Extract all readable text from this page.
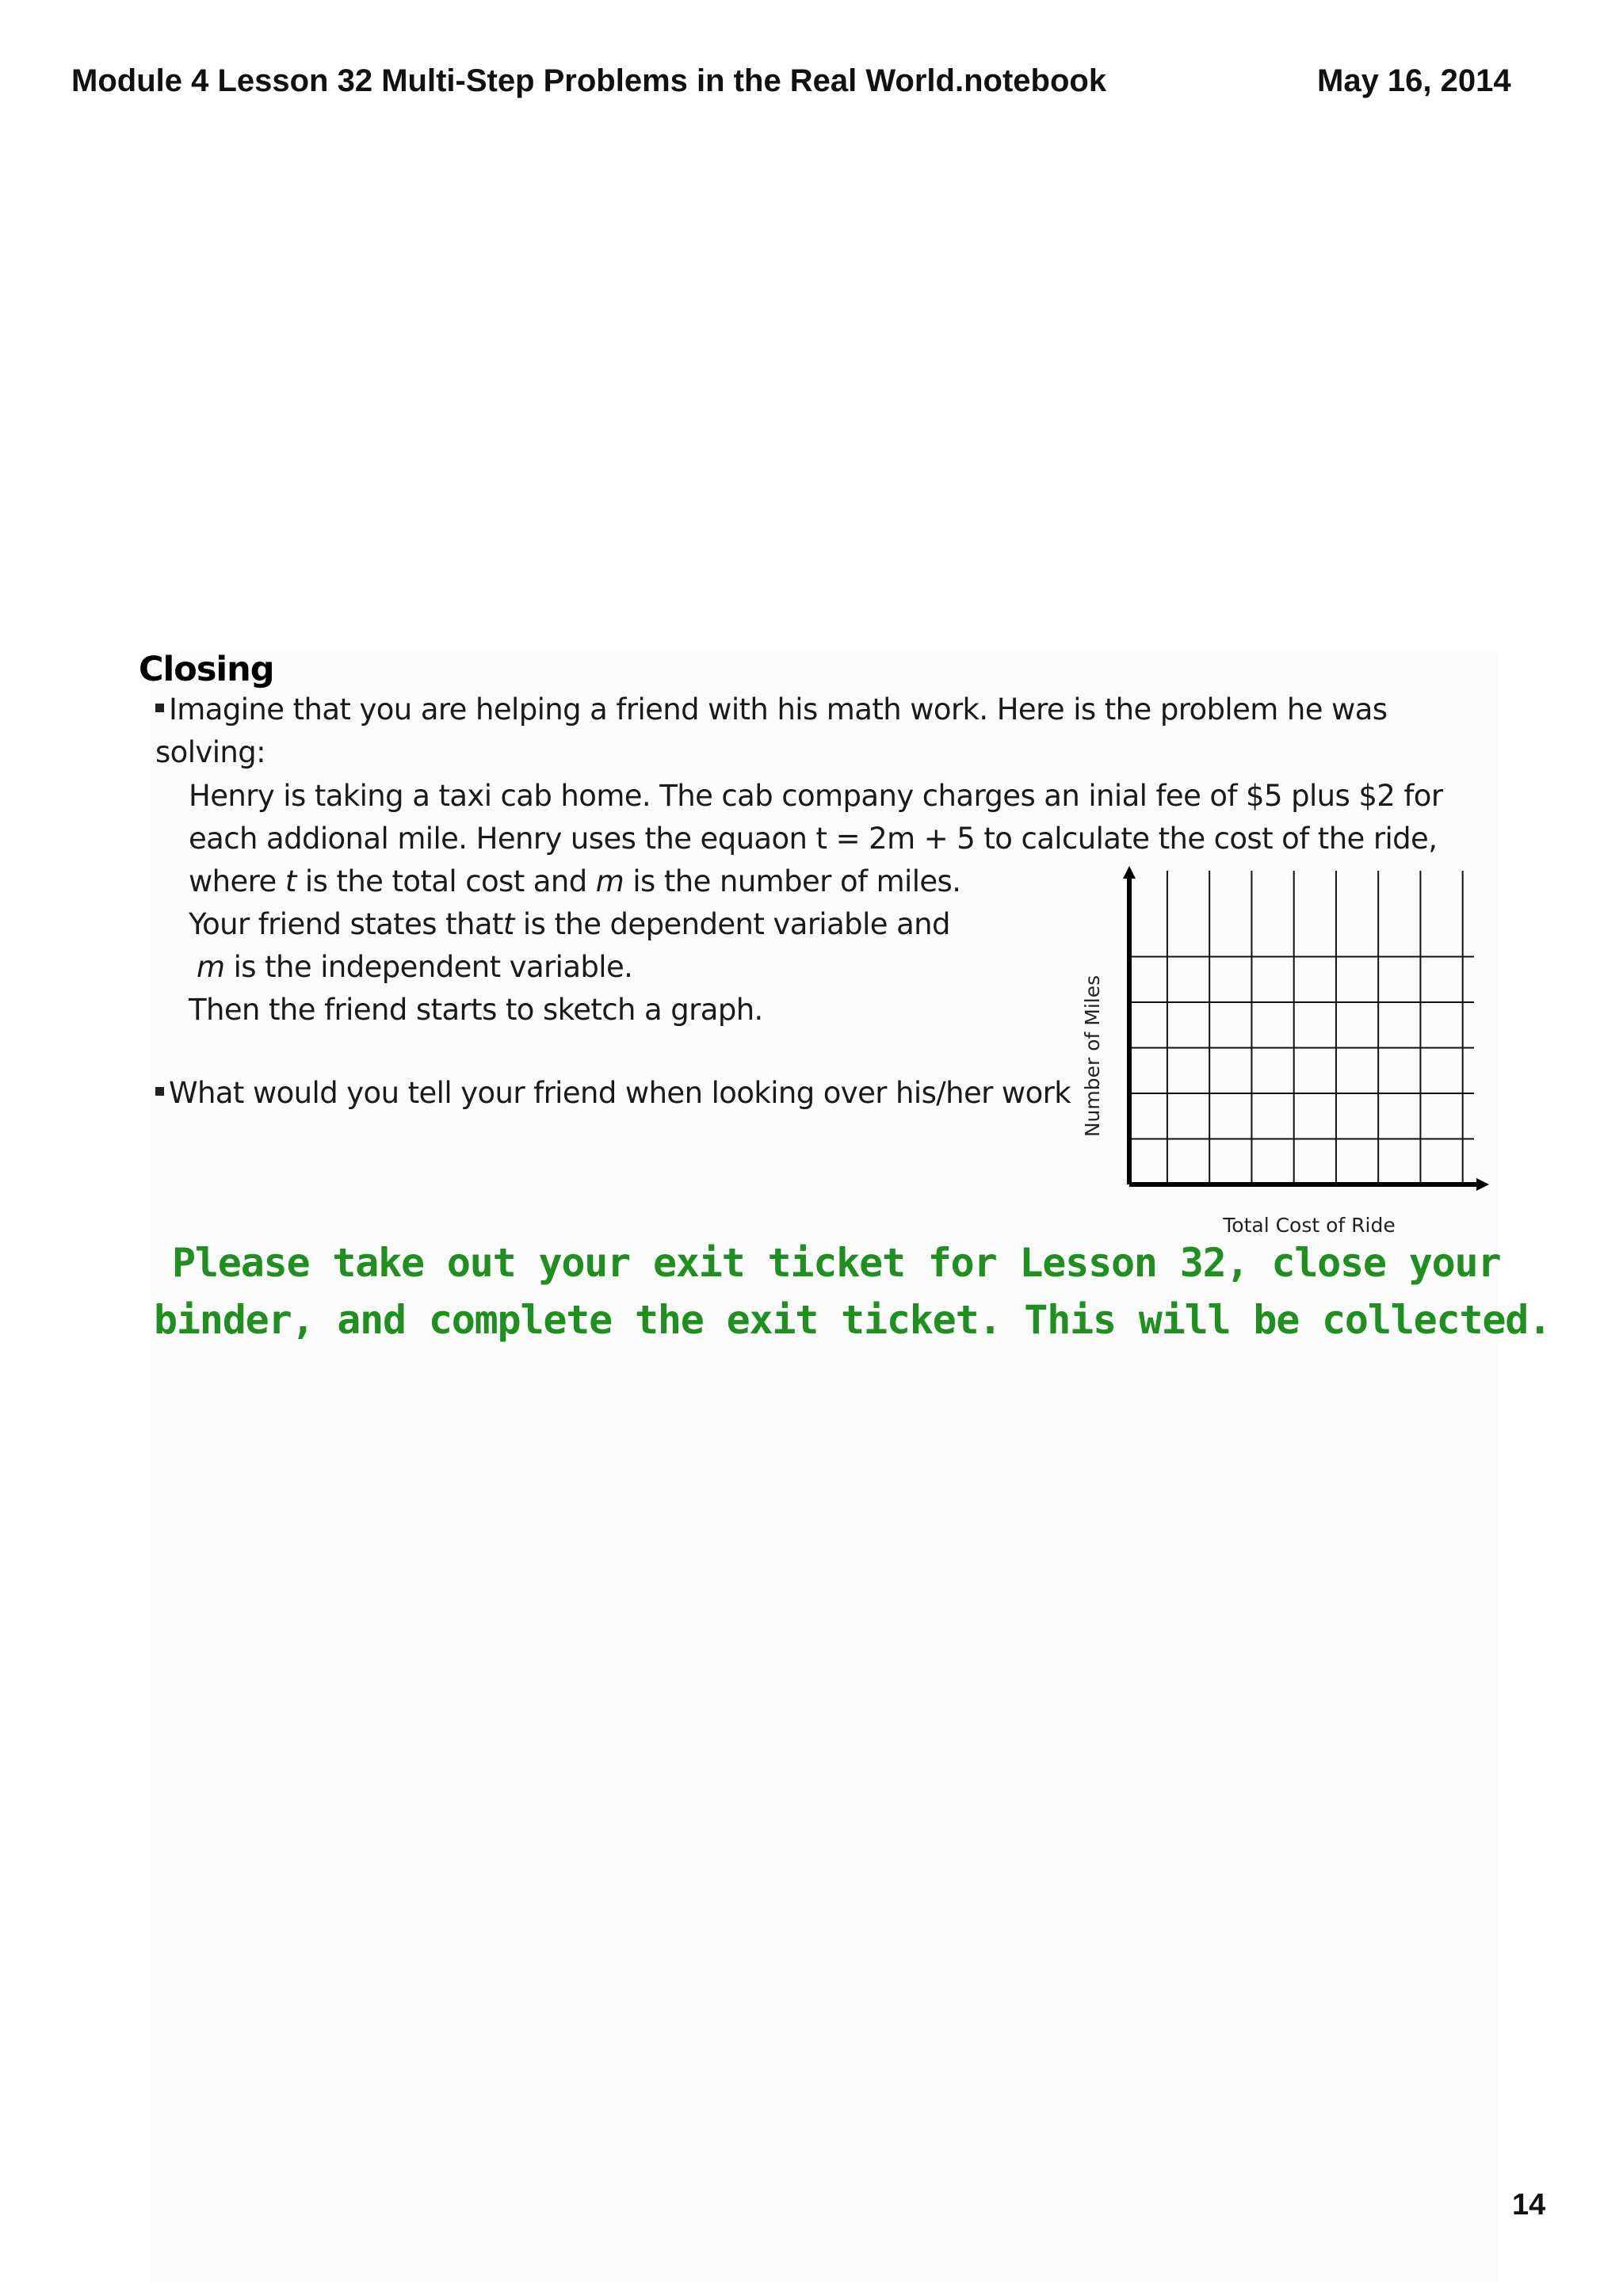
Module 4 Lesson 32 Multi-Step Problems in the Real World.notebook	May 16, 2014
Closing
Imagine that you are helping a friend with his math work. Here is the problem he was
solving:
Henry is taking a taxi cab home. The cab company charges an inial fee of $5 plus $2 for
each addional mile. Henry uses the equaon t = 2m + 5 to calculate the cost of the ride,
where t is the total cost and m is the number of miles.
Your friend states thatt is the dependent variable and
m is the independent variable.
Then the friend starts to sketch a graph.
What would you tell your friend when looking over his/her work
Total Cost of Ride
Number of Miles
Please take out your exit ticket for Lesson 32, close your
binder, and complete the exit ticket. This will be collected.
14
